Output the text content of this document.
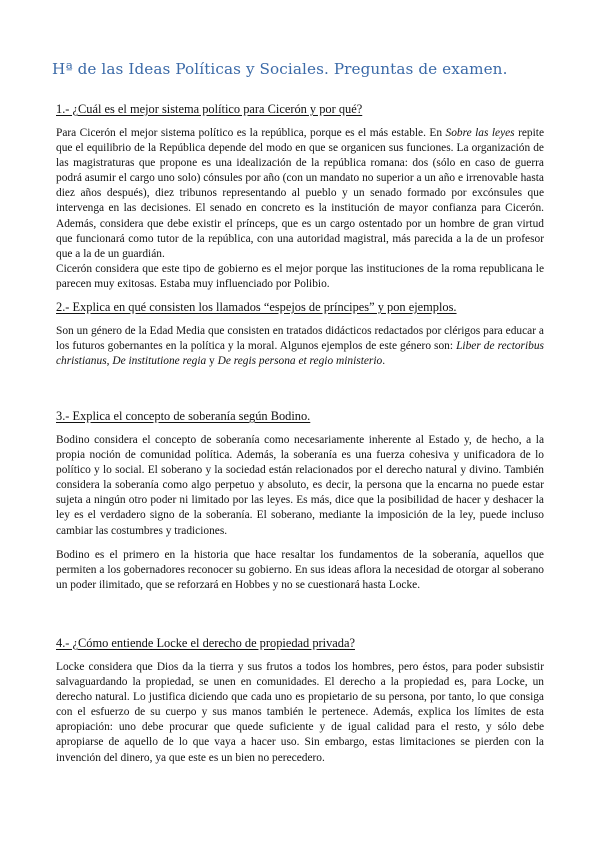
Hª de las Ideas Políticas y Sociales. Preguntas de examen.
1.- ¿Cuál es el mejor sistema político para Cicerón y por qué?

Para Cicerón el mejor sistema político es la república, porque es el más estable. En Sobre las leyes repite que el equilibrio de la República depende del modo en que se organicen sus funciones. La organización de las magistraturas que propone es una idealización de la república romana: dos (sólo en caso de guerra podrá asumir el cargo uno solo) cónsules por año (con un mandato no superior a un año e irrenovable hasta diez años después), diez tribunos representando al pueblo y un senado formado por excónsules que intervenga en las decisiones. El senado en concreto es la institución de mayor confianza para Cicerón. Además, considera que debe existir el prínceps, que es un cargo ostentado por un hombre de gran virtud que funcionará como tutor de la república, con una autoridad magistral, más parecida a la de un profesor que a la de un guardián.

Cicerón considera que este tipo de gobierno es el mejor porque las instituciones de la roma republicana le parecen muy exitosas. Estaba muy influenciado por Polibio.

2.- Explica en qué consisten los llamados “espejos de príncipes” y pon ejemplos.

Son un género de la Edad Media que consisten en tratados didácticos redactados por clérigos para educar a los futuros gobernantes en la política y la moral. Algunos ejemplos de este género son: Liber de rectoribus christianus, De institutione regia y De regis persona et regio ministerio.

3.- Explica el concepto de soberanía según Bodino.

Bodino considera el concepto de soberanía como necesariamente inherente al Estado y, de hecho, a la propia noción de comunidad política. Además, la soberanía es una fuerza cohesiva y unificadora de lo político y lo social. El soberano y la sociedad están relacionados por el derecho natural y divino. También considera la soberanía como algo perpetuo y absoluto, es decir, la persona que la encarna no puede estar sujeta a ningún otro poder ni limitado por las leyes. Es más, dice que la posibilidad de hacer y deshacer la ley es el verdadero signo de la soberanía. El soberano, mediante la imposición de la ley, puede incluso cambiar las costumbres y tradiciones.

Bodino es el primero en la historia que hace resaltar los fundamentos de la soberanía, aquellos que permiten a los gobernadores reconocer su gobierno. En sus ideas aflora la necesidad de otorgar al soberano un poder ilimitado, que se reforzará en Hobbes y no se cuestionará hasta Locke.

4.- ¿Cómo entiende Locke el derecho de propiedad privada?

Locke considera que Dios da la tierra y sus frutos a todos los hombres, pero éstos, para poder subsistir salvaguardando la propiedad, se unen en comunidades. El derecho a la propiedad es, para Locke, un derecho natural. Lo justifica diciendo que cada uno es propietario de su persona, por tanto, lo que consiga con el esfuerzo de su cuerpo y sus manos también le pertenece. Además, explica los límites de esta apropiación: uno debe procurar que quede suficiente y de igual calidad para el resto, y sólo debe apropiarse de aquello de lo que vaya a hacer uso. Sin embargo, estas limitaciones se pierden con la invención del dinero, ya que este es un bien no perecedero.
